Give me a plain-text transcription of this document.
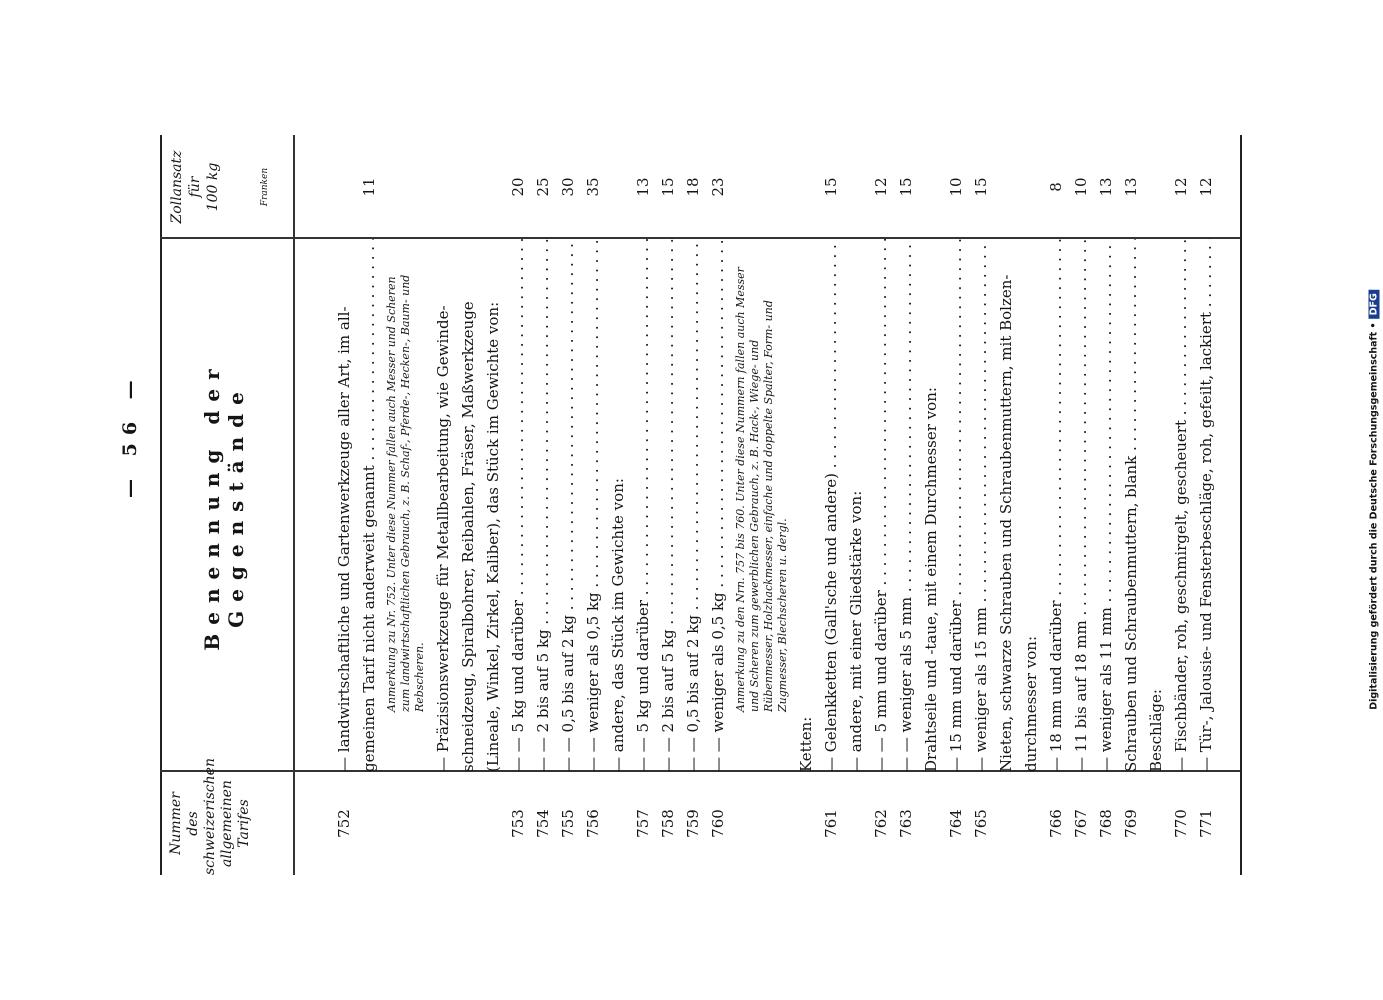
— 56 —
Nummer des schweizerischen allgemeinen Tarifes
Benennung der Gegenstände
Zollansatz für 100 kg	Franken
752
— landwirtschaftliche und Gartenwerkzeuge aller Art, im all- gemeinen Tarif nicht anderweit genannt . . .
11
Anmerkung zu Nr. 752. Unter diese Nummer fallen auch Messer und Scheren zum landwirtschaftlichen Gebrauch, z. B. Schaf-, Pferde-, Hecken-, Baum- und Rebscheren. — Präzisionswerkzeuge für Metallbearbeitung, wie Gewinde- schneidzeug, Spiralbohrer, Reibahlen, Fräser, Maßwerkzeuge (Lineale, Winkel, Zirkel, Kaliber), das Stück im Gewichte von:
753
— — 5 kg und darüber . . .
20
754
— — 2 bis auf 5 kg . . .
25
755
— — 0,5 bis auf 2 kg . . .
30
756
— — weniger als 0,5 kg . . .
35
— andere, das Stück im Gewichte von:
757
— — 5 kg und darüber . . .
13
758
— — 2 bis auf 5 kg . . .
15
759
— — 0,5 bis auf 2 kg . . .
18
760
— — weniger als 0,5 kg . . .
23
Anmerkung zu den Nrn. 757 bis 760. Unter diese Nummern fallen auch Messer und Scheren zum gewerblichen Gebrauch, z. B. Hack-, Wiege- und Rübenmesser, Holzhackmesser, einfache und doppelte Spalter, Form- und Zugmesser, Blechscheren u. dergl.
Ketten:
761
— Gelenkketten (Gall'sche und andere) . . .
15
— andere, mit einer Gliedstärke von:
762
— — 5 mm und darüber . . .
12
763
— — weniger als 5 mm . . .
15
Drahtseile und -taue, mit einem Durchmesser von:
764
— 15 mm und darüber . . .
10
765
— weniger als 15 mm . . .
15
Nieten, schwarze Schrauben und Schraubenmuttern, mit Bolzen- durchmesser von:
766
— 18 mm und darüber . . .
8
767
— 11 bis auf 18 mm . . .
10
768
— weniger als 11 mm . . .
13
769
Schrauben und Schraubenmuttern, blank . . .
13
Beschläge:
770
— Fischbänder, roh, geschmirgelt, gescheuert . . .
12
771
— Tür-, Jalousie- und Fensterbeschläge, roh, gefeilt, lackiert . . .
12
Digitalisierung gefördert durch die Deutsche Forschungsgemeinschaft •DFG
